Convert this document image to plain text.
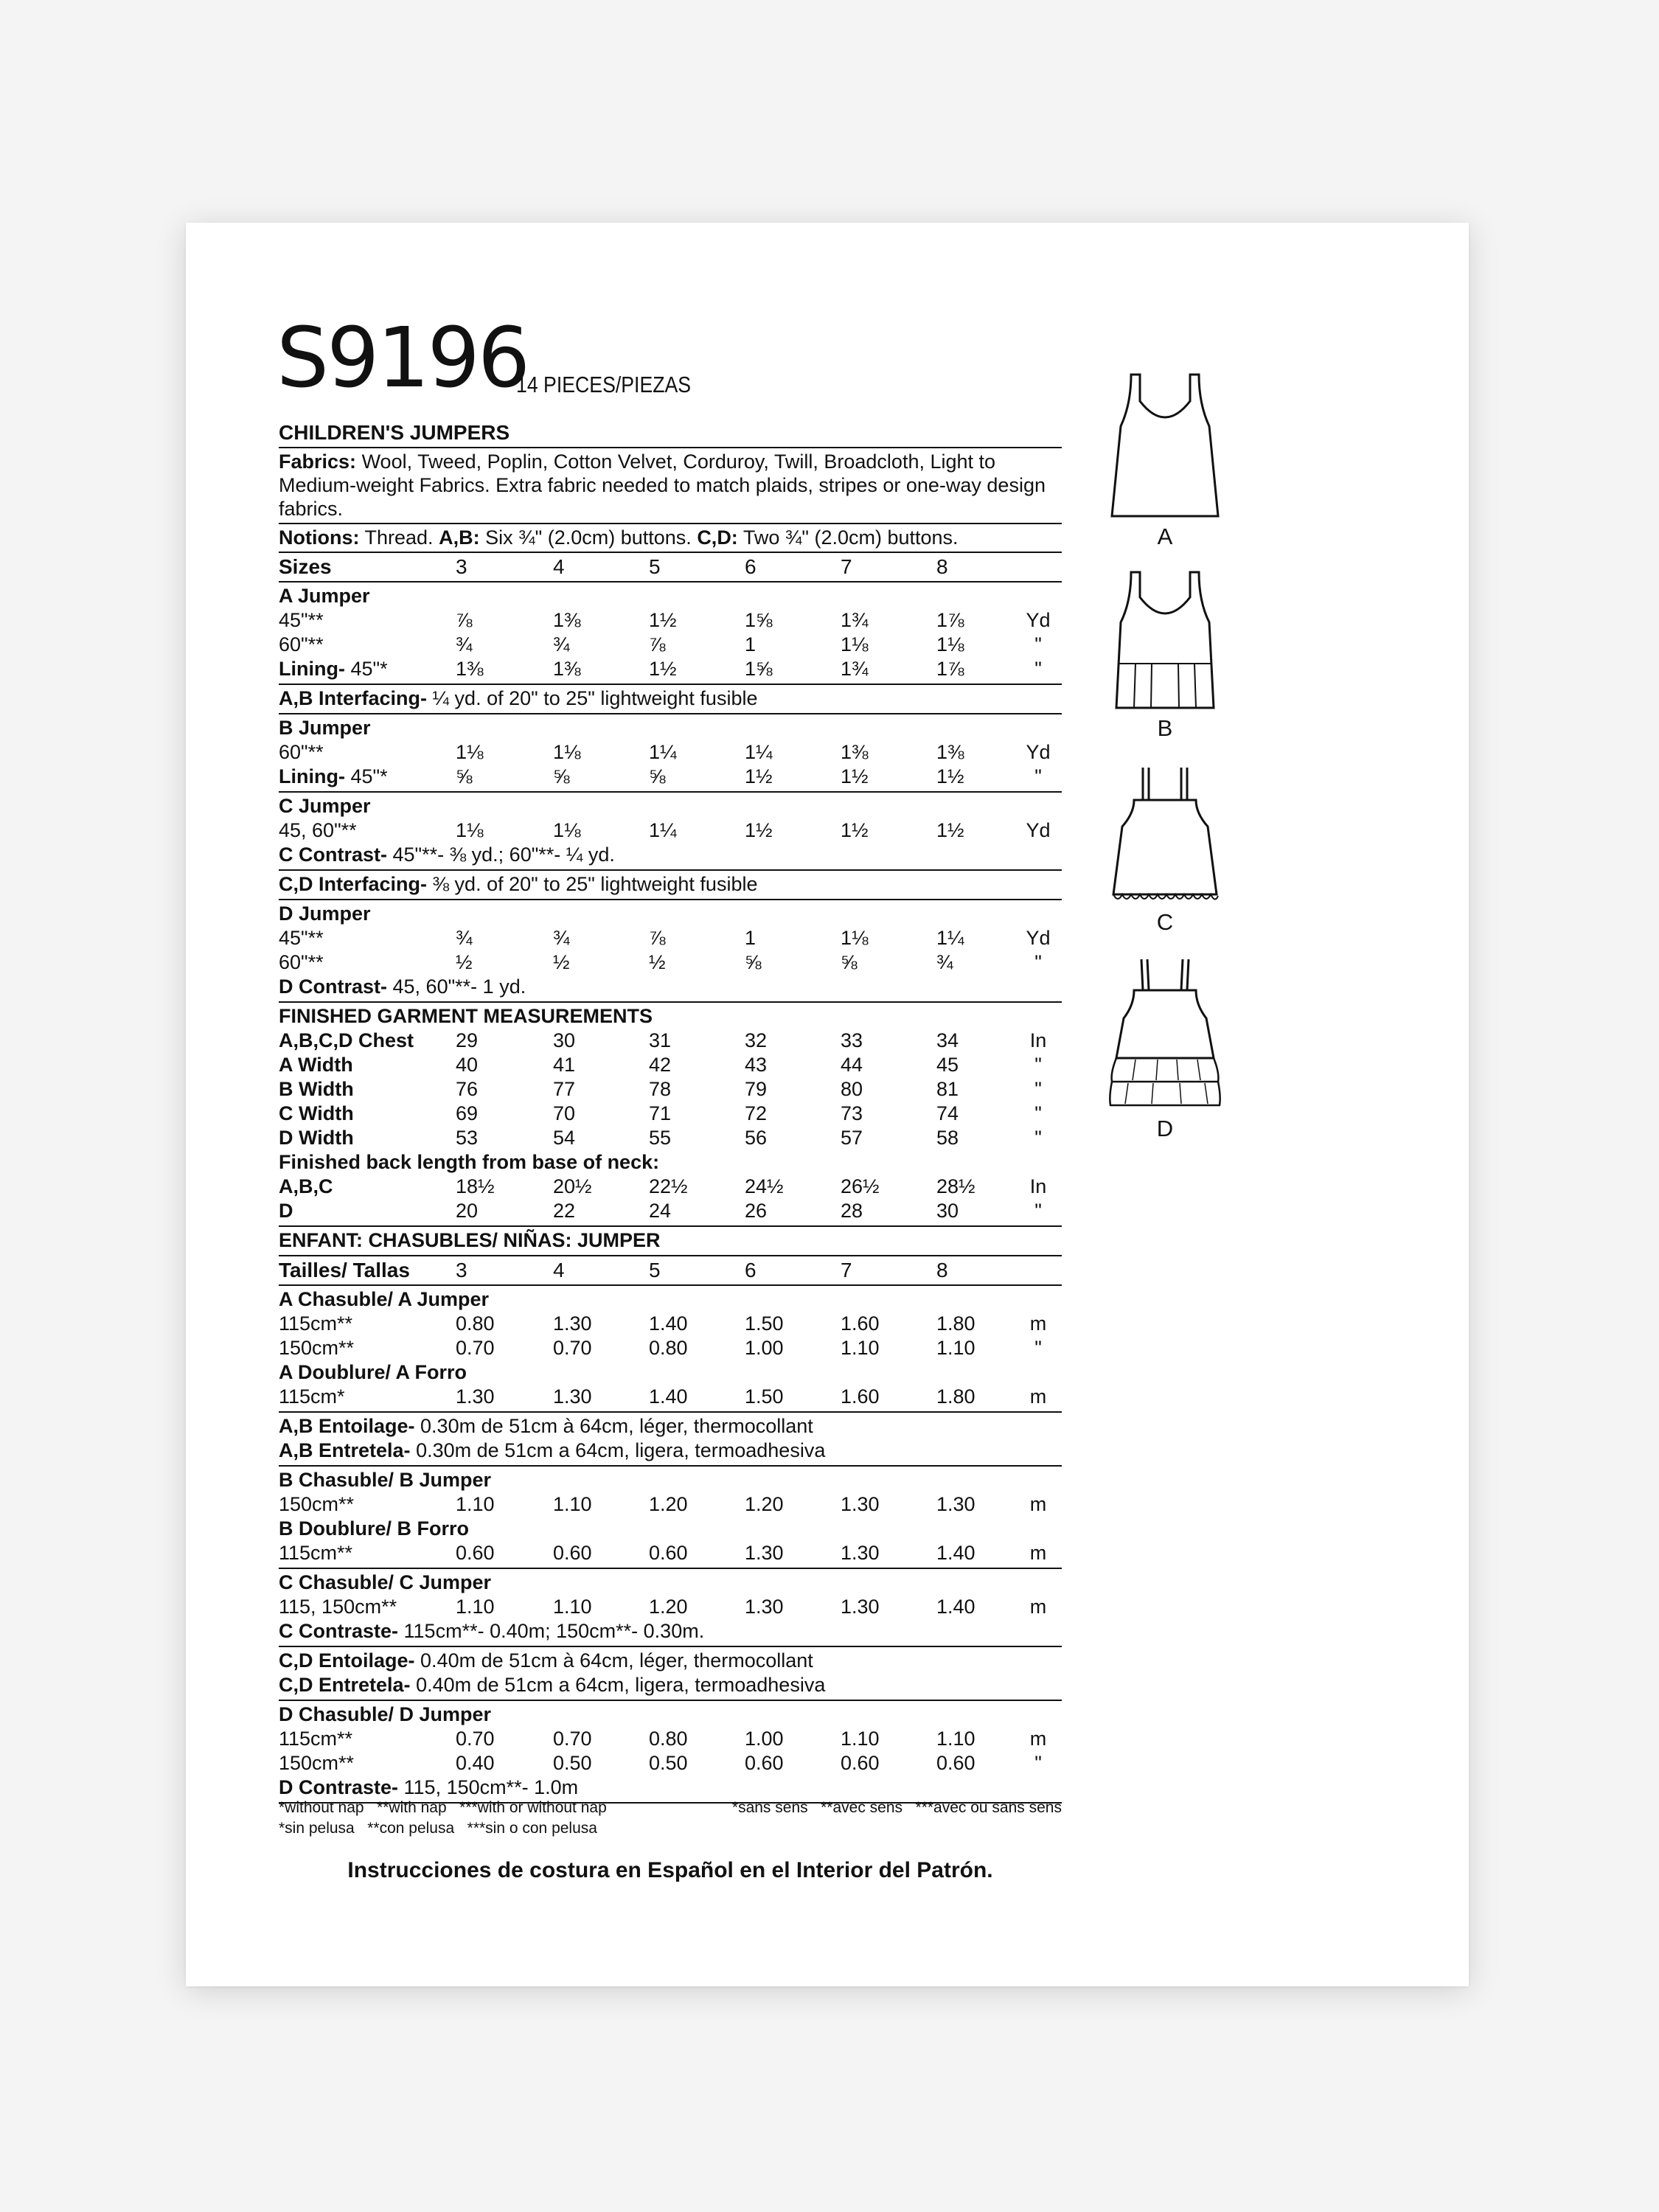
S9196
14 PIECES/PIEZAS
CHILDREN'S JUMPERS
Fabrics: Wool, Tweed, Poplin, Cotton Velvet, Corduroy, Twill, Broadcloth, Light to Medium-weight Fabrics. Extra fabric needed to match plaids, stripes or one-way design fabrics.
Notions: Thread. A,B: Six ¾" (2.0cm) buttons. C,D: Two ¾" (2.0cm) buttons.
Sizes	3	4	5	6	7	8
A Jumper
45"**	⅞	1⅜	1½	1⅝	1¾	1⅞	Yd
60"**	¾	¾	⅞	1	1⅛	1⅛	"
Lining- 45"*	1⅜	1⅜	1½	1⅝	1¾	1⅞	"
A,B Interfacing- ¼ yd. of 20" to 25" lightweight fusible
B Jumper
60"**	1⅛	1⅛	1¼	1¼	1⅜	1⅜	Yd
Lining- 45"*	⅝	⅝	⅝	1½	1½	1½	"
C Jumper
45, 60"**	1⅛	1⅛	1¼	1½	1½	1½	Yd
C Contrast- 45"**- ⅜ yd.; 60"**- ¼ yd.
C,D Interfacing- ⅜ yd. of 20" to 25" lightweight fusible
D Jumper
45"**	¾	¾	⅞	1	1⅛	1¼	Yd
60"**	½	½	½	⅝	⅝	¾	"
D Contrast- 45, 60"**- 1 yd.
FINISHED GARMENT MEASUREMENTS
A,B,C,D Chest 29	30	31	32	33	34	In
A Width	40	41	42	43	44	45	"
B Width	76	77	78	79	80	81	"
C Width	69	70	71	72	73	74	"
D Width	53	54	55	56	57	58	"
Finished back length from base of neck:
A,B,C	18½	20½	22½	24½	26½	28½	In
D	20	22	24	26	28	30	"
ENFANT: CHASUBLES/ NIÑAS: JUMPER
Tailles/ Tallas 3	4	5	6	7	8
A Chasuble/ A Jumper
115cm**	0.80	1.30	1.40	1.50	1.60	1.80	m
150cm**	0.70	0.70	0.80	1.00	1.10	1.10	"
A Doublure/ A Forro
115cm*	1.30	1.30	1.40	1.50	1.60	1.80	m
A,B Entoilage- 0.30m de 51cm à 64cm, léger, thermocollant
A,B Entretela- 0.30m de 51cm a 64cm, ligera, termoadhesiva
B Chasuble/ B Jumper
150cm**	1.10	1.10	1.20	1.20	1.30	1.30	m
B Doublure/ B Forro
115cm**	0.60	0.60	0.60	1.30	1.30	1.40	m
C Chasuble/ C Jumper
115, 150cm**	1.10	1.10	1.20	1.30	1.30	1.40	m
C Contraste- 115cm**- 0.40m; 150cm**- 0.30m.
C,D Entoilage- 0.40m de 51cm à 64cm, léger, thermocollant
C,D Entretela- 0.40m de 51cm a 64cm, ligera, termoadhesiva
D Chasuble/ D Jumper
115cm**	0.70	0.70	0.80	1.00	1.10	1.10	m
150cm**	0.40	0.50	0.50	0.60	0.60	0.60	"
D Contraste- 115, 150cm**- 1.0m
*without nap   **with nap   ***with or without nap	*sans sens   **avec sens   ***avec ou sans sens
*sin pelusa   **con pelusa   ***sin o con pelusa
Instrucciones de costura en Español en el Interior del Patrón.
A
B
C
D
